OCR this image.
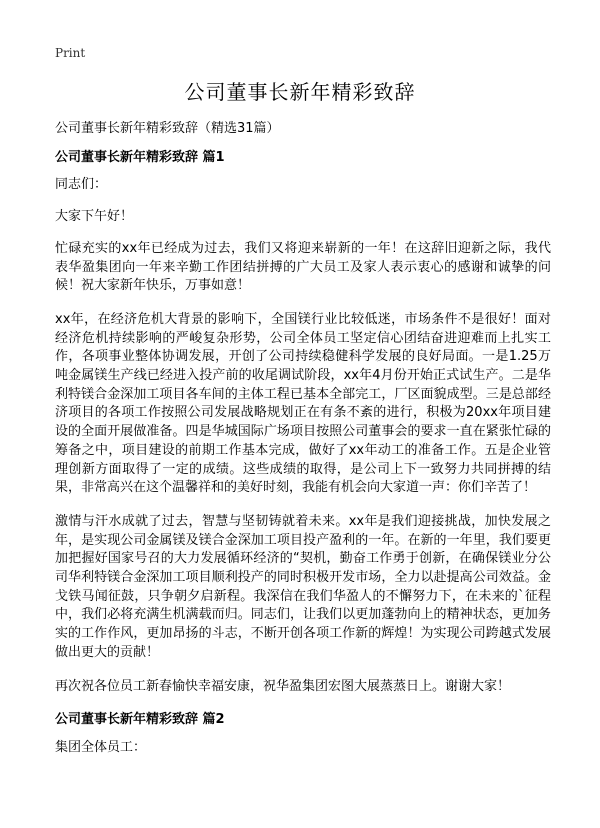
Print
公司董事长新年精彩致辞

公司董事长新年精彩致辞（精选31篇）

公司董事长新年精彩致辞 篇1

同志们：

大家下午好！

忙碌充实的xx年已经成为过去，我们又将迎来崭新的一年！在这辞旧迎新之际，我代表华盈集团向一年来辛勤工作团结拼搏的广大员工及家人表示衷心的感谢和诚挚的问候！祝大家新年快乐，万事如意！

xx年，在经济危机大背景的影响下，全国镁行业比较低迷，市场条件不是很好！面对经济危机持续影响的严峻复杂形势，公司全体员工坚定信心团结奋进迎难而上扎实工作，各项事业整体协调发展，开创了公司持续稳健科学发展的良好局面。一是1.25万吨金属镁生产线已经进入投产前的收尾调试阶段，xx年4月份开始正式试生产。二是华利特镁合金深加工项目各车间的主体工程已基本全部完工，厂区面貌成型。三是总部经济项目的各项工作按照公司发展战略规划正在有条不紊的进行，积极为20xx年项目建设的全面开展做准备。四是华城国际广场项目按照公司董事会的要求一直在紧张忙碌的筹备之中，项目建设的前期工作基本完成，做好了xx年动工的准备工作。五是企业管理创新方面取得了一定的成绩。这些成绩的取得，是公司上下一致努力共同拼搏的结果，非常高兴在这个温馨祥和的美好时刻，我能有机会向大家道一声：你们辛苦了！

激情与汗水成就了过去，智慧与坚韧铸就着未来。xx年是我们迎接挑战，加快发展之年，是实现公司金属镁及镁合金深加工项目投产盈利的一年。在新的一年里，我们要更加把握好国家号召的大力发展循环经济的“契机，勤奋工作勇于创新，在确保镁业分公司华利特镁合金深加工项目顺利投产的同时积极开发市场，全力以赴提高公司效益。金戈铁马闻征鼓，只争朝夕启新程。我深信在我们华盈人的不懈努力下，在未来的`征程中，我们必将充满生机满载而归。同志们，让我们以更加蓬勃向上的精神状态，更加务实的工作作风，更加昂扬的斗志，不断开创各项工作新的辉煌！为实现公司跨越式发展做出更大的贡献！

再次祝各位员工新春愉快幸福安康，祝华盈集团宏图大展蒸蒸日上。谢谢大家！

公司董事长新年精彩致辞 篇2

集团全体员工：
